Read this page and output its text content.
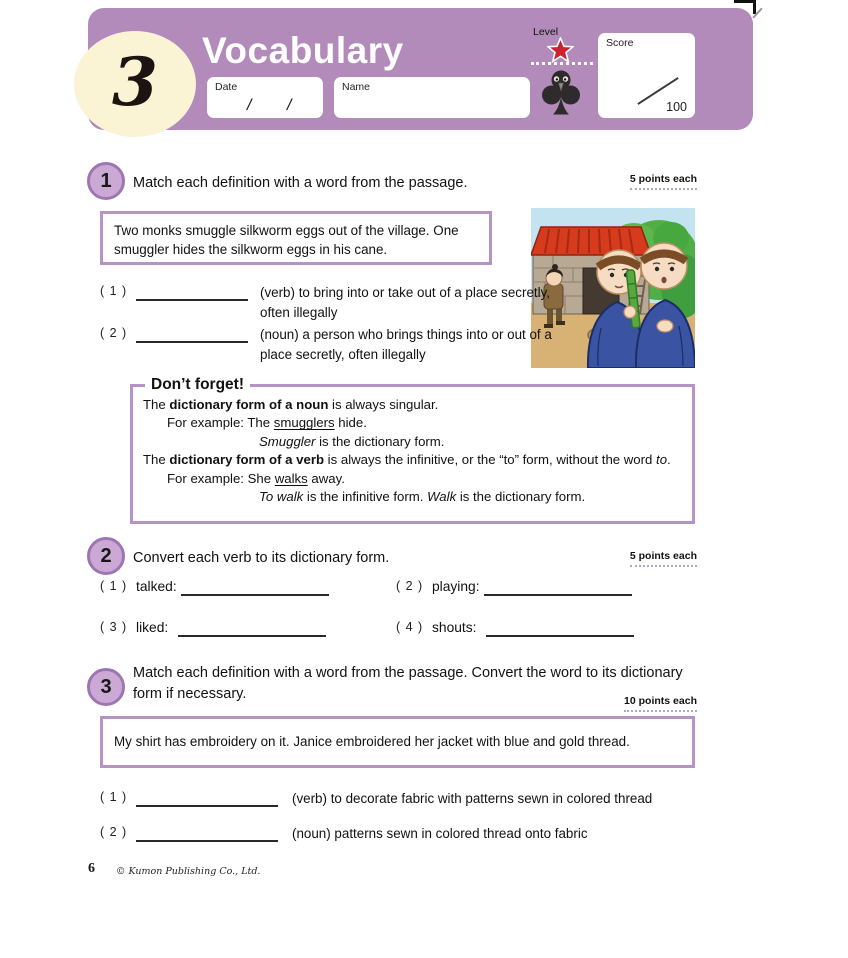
3 Vocabulary
Date
/ /
Name
Level
Score
100
1 Match each definition with a word from the passage.	5 points each
Two monks smuggle silkworm eggs out of the village. One smuggler hides the silkworm eggs in his cane.
( 1 )	(verb) to bring into or take out of a place secretly, often illegally
( 2 )	(noun) a person who brings things into or out of a place secretly, often illegally
Don’t forget!
The dictionary form of a noun is always singular.
For example: The smugglers hide.
Smuggler is the dictionary form.
The dictionary form of a verb is always the infinitive, or the “to” form, without the word to.
For example: She walks away.
To walk is the infinitive form. Walk is the dictionary form.
2 Convert each verb to its dictionary form.	5 points each
( 1 ) talked:	( 2 ) playing:
( 3 ) liked:	( 4 ) shouts:
3
Match each definition with a word from the passage. Convert the word to its dictionary form if necessary.	10 points each
My shirt has embroidery on it. Janice embroidered her jacket with blue and gold thread.
( 1 )	(verb) to decorate fabric with patterns sewn in colored thread
( 2 )	(noun) patterns sewn in colored thread onto fabric
6 © Kumon Publishing Co., Ltd.
